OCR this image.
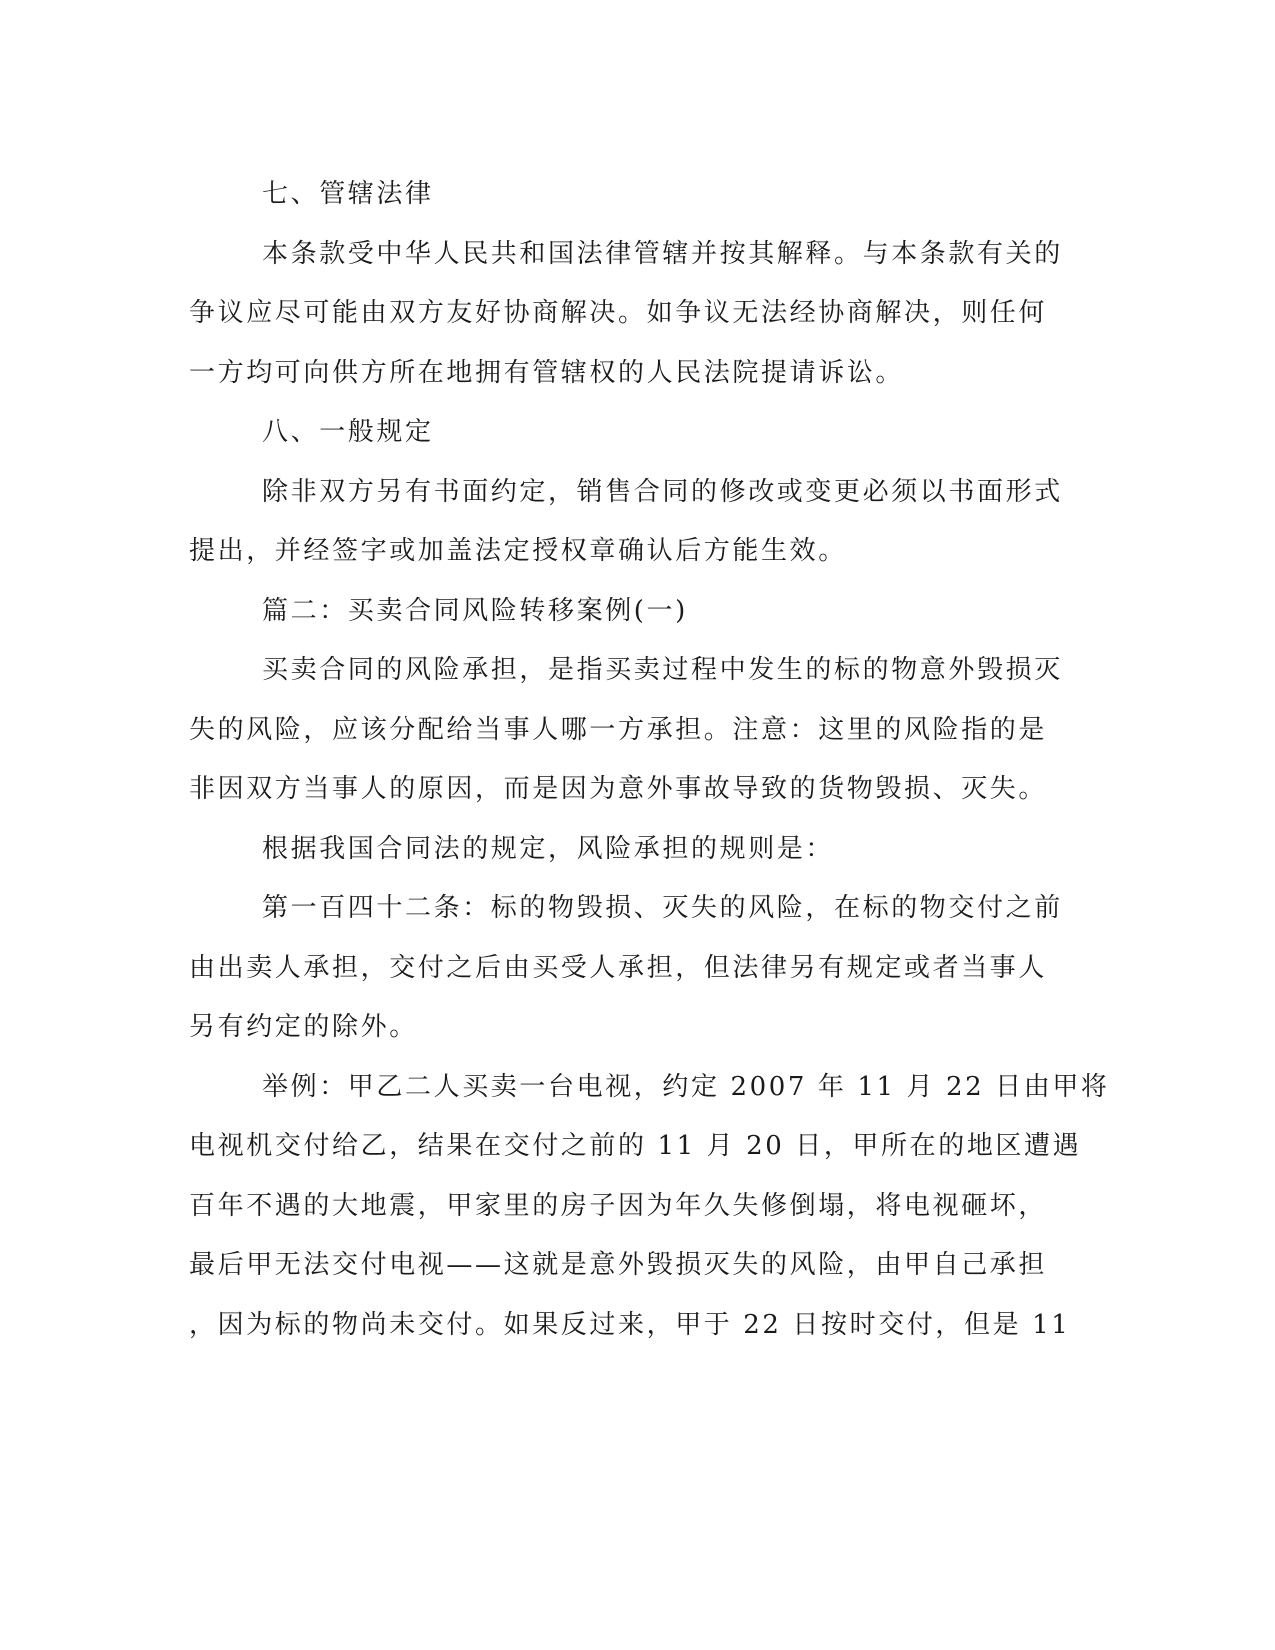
七、管辖法律
本条款受中华人民共和国法律管辖并按其解释。与本条款有关的
争议应尽可能由双方友好协商解决。如争议无法经协商解决，则任何
一方均可向供方所在地拥有管辖权的人民法院提请诉讼。
八、一般规定
除非双方另有书面约定，销售合同的修改或变更必须以书面形式
提出，并经签字或加盖法定授权章确认后方能生效。
篇二：买卖合同风险转移案例(一)
买卖合同的风险承担，是指买卖过程中发生的标的物意外毁损灭
失的风险，应该分配给当事人哪一方承担。注意：这里的风险指的是
非因双方当事人的原因，而是因为意外事故导致的货物毁损、灭失。
根据我国合同法的规定，风险承担的规则是：
第一百四十二条：标的物毁损、灭失的风险，在标的物交付之前
由出卖人承担，交付之后由买受人承担，但法律另有规定或者当事人
另有约定的除外。
举例：甲乙二人买卖一台电视，约定 2007 年 11 月 22 日由甲将
电视机交付给乙，结果在交付之前的 11 月 20 日，甲所在的地区遭遇
百年不遇的大地震，甲家里的房子因为年久失修倒塌，将电视砸坏，
最后甲无法交付电视——这就是意外毁损灭失的风险，由甲自己承担
，因为标的物尚未交付。如果反过来，甲于 22 日按时交付，但是 11
